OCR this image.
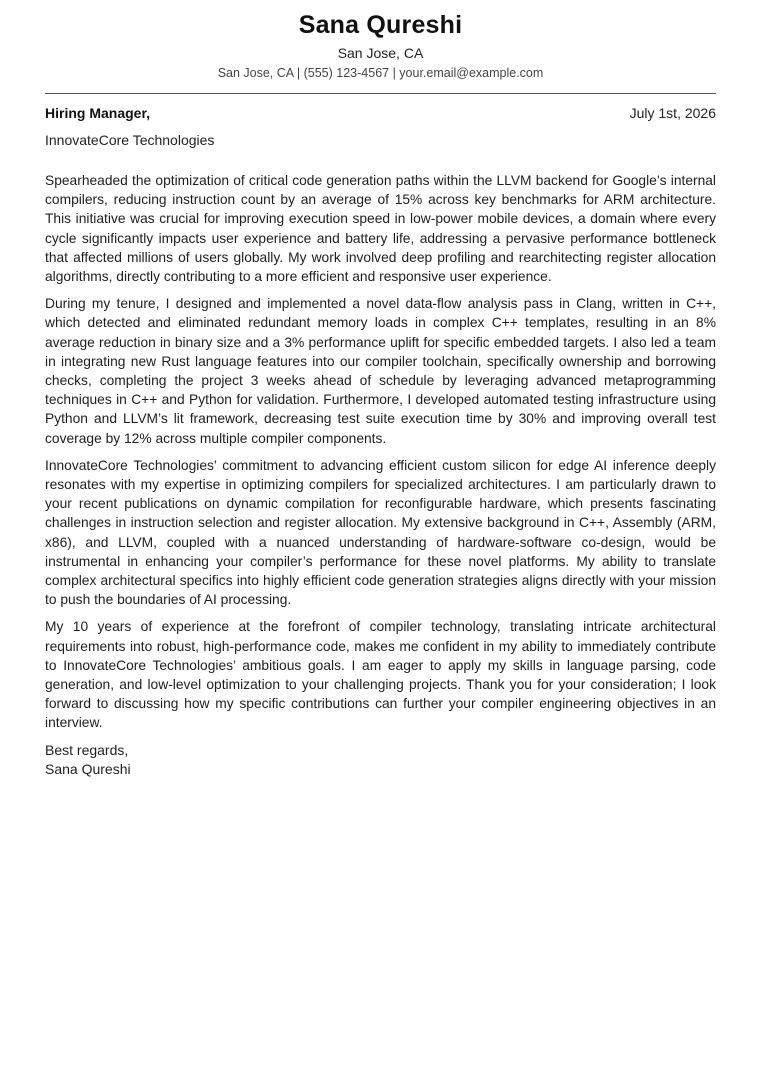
Sana Qureshi
San Jose, CA
San Jose, CA | (555) 123-4567 | your.email@example.com
Hiring Manager,	July 1st, 2026
InnovateCore Technologies

Spearheaded the optimization of critical code generation paths within the LLVM backend for Google’s internal compilers, reducing instruction count by an average of 15% across key benchmarks for ARM architecture. This initiative was crucial for improving execution speed in low-power mobile devices, a domain where every cycle significantly impacts user experience and battery life, addressing a pervasive performance bottleneck that affected millions of users globally. My work involved deep profiling and rearchitecting register allocation algorithms, directly contributing to a more efficient and responsive user experience.

During my tenure, I designed and implemented a novel data-flow analysis pass in Clang, written in C++, which detected and eliminated redundant memory loads in complex C++ templates, resulting in an 8% average reduction in binary size and a 3% performance uplift for specific embedded targets. I also led a team in integrating new Rust language features into our compiler toolchain, specifically ownership and borrowing checks, completing the project 3 weeks ahead of schedule by leveraging advanced metaprogramming techniques in C++ and Python for validation. Furthermore, I developed automated testing infrastructure using Python and LLVM’s lit framework, decreasing test suite execution time by 30% and improving overall test coverage by 12% across multiple compiler components.

InnovateCore Technologies’ commitment to advancing efficient custom silicon for edge AI inference deeply resonates with my expertise in optimizing compilers for specialized architectures. I am particularly drawn to your recent publications on dynamic compilation for reconfigurable hardware, which presents fascinating challenges in instruction selection and register allocation. My extensive background in C++, Assembly (ARM, x86), and LLVM, coupled with a nuanced understanding of hardware-software co-design, would be instrumental in enhancing your compiler’s performance for these novel platforms. My ability to translate complex architectural specifics into highly efficient code generation strategies aligns directly with your mission to push the boundaries of AI processing.

My 10 years of experience at the forefront of compiler technology, translating intricate architectural requirements into robust, high-performance code, makes me confident in my ability to immediately contribute to InnovateCore Technologies’ ambitious goals. I am eager to apply my skills in language parsing, code generation, and low-level optimization to your challenging projects. Thank you for your consideration; I look forward to discussing how my specific contributions can further your compiler engineering objectives in an interview.

Best regards,
Sana Qureshi
